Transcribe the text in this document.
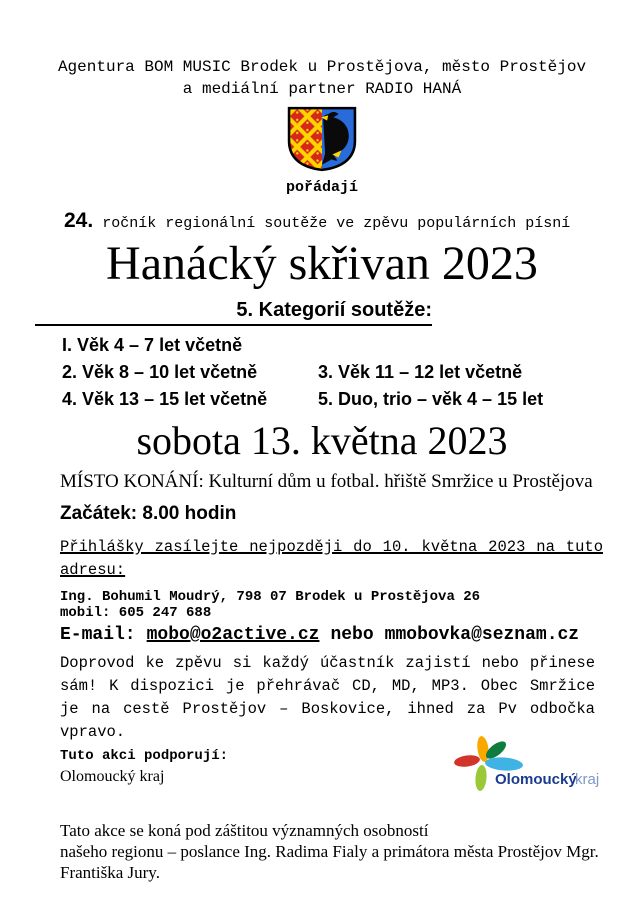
Agentura BOM MUSIC Brodek u Prostějova, město Prostějov
a mediální partner RADIO HANÁ
pořádají
24. ročník regionální soutěže ve zpěvu populárních písní
Hanácký skřivan 2023
5. Kategorií soutěže:
I. Věk 4 – 7 let včetně
2. Věk 8 – 10 let včetně	3. Věk 11 – 12 let včetně
4. Věk 13 – 15 let včetně	5. Duo, trio – věk 4 – 15 let
sobota 13. května 2023
MÍSTO KONÁNÍ: Kulturní dům u fotbal. hřiště Smržice u Prostějova
Začátek: 8.00 hodin
Přihlášky zasílejte nejpozději do 10. května 2023 na tuto
adresu:
Ing. Bohumil Moudrý, 798 07 Brodek u Prostějova 26
mobil: 605 247 688
E-mail: mobo@o2active.cz nebo mmobovka@seznam.cz
Doprovod ke zpěvu si každý účastník zajistí nebo přinese
sám! K dispozici je přehrávač CD, MD, MP3. Obec Smržice
je na cestě Prostějov – Boskovice, ihned za Pv odbočka
vpravo.
Tuto akci podporují:
Olomoucký kraj	Olomoucký
kraj
Tato akce se koná pod záštitou významných osobností
našeho regionu – poslance Ing. Radima Fialy a primátora města Prostějov Mgr.
Františka Jury.
